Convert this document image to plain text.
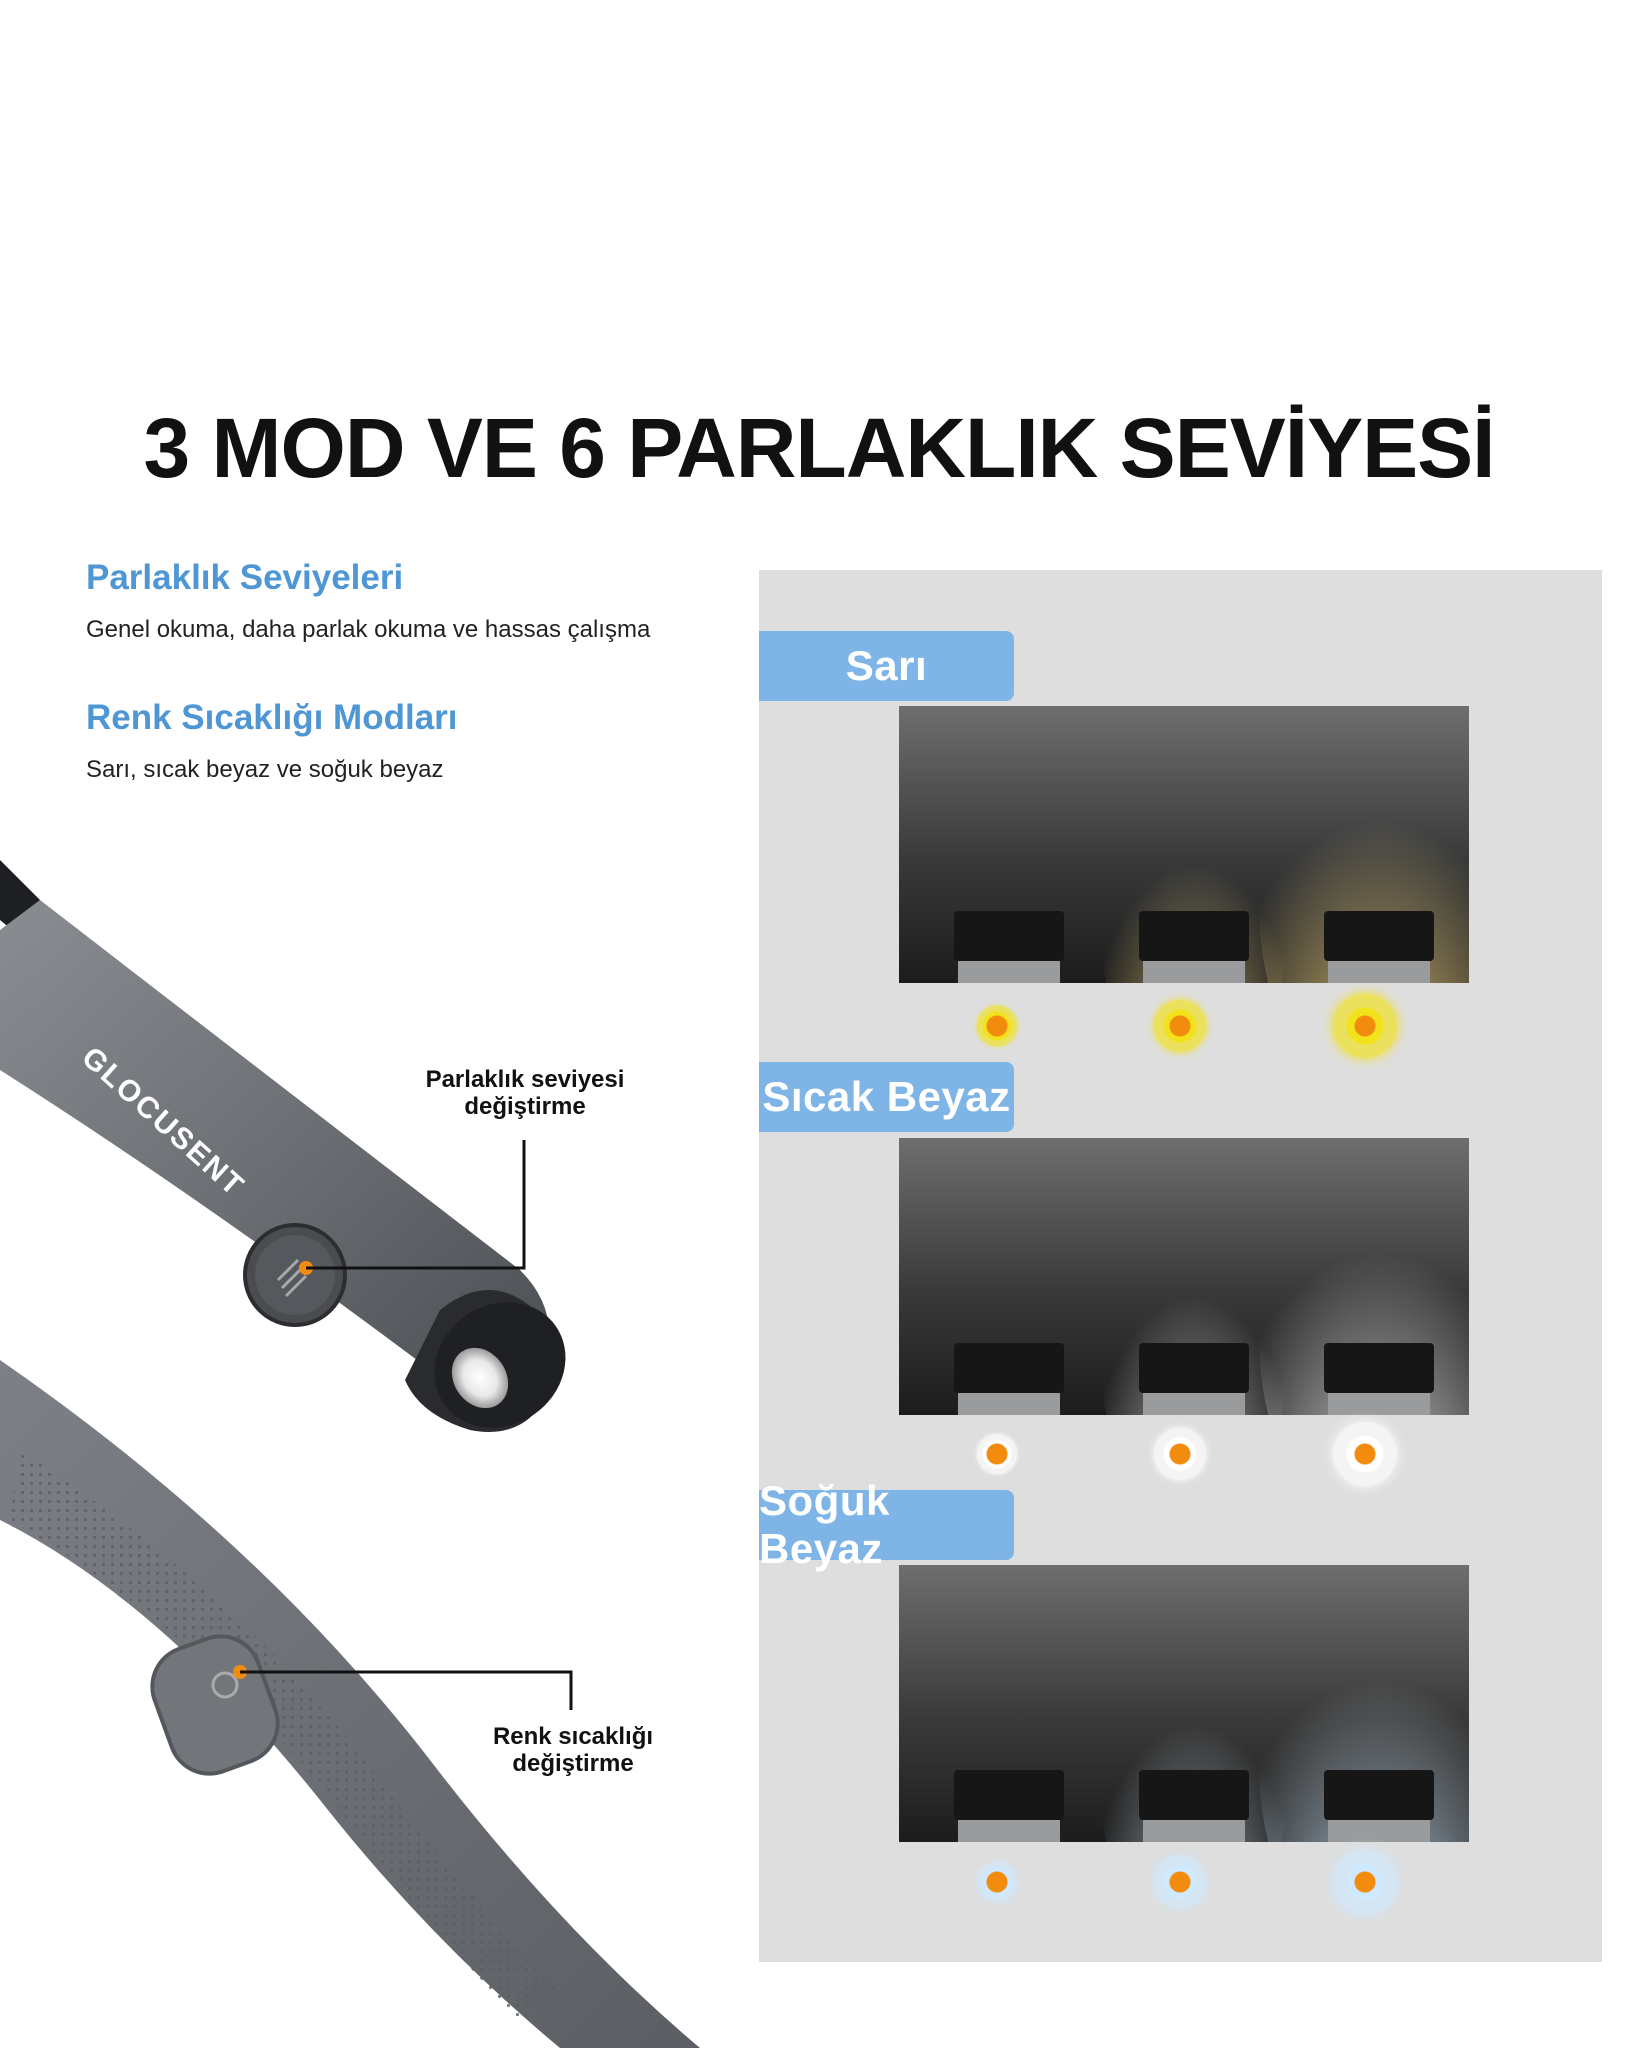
3 MOD VE 6 PARLAKLIK SEVİYESİ
Parlaklık Seviyeleri
Genel okuma, daha parlak okuma ve hassas çalışma
Renk Sıcaklığı Modları
Sarı, sıcak beyaz ve soğuk beyaz
GLOCUSENT	Parlaklık seviyesi
değiştirme
Renk sıcaklığı
değiştirme
Sarı
Sıcak Beyaz
Soğuk Beyaz
